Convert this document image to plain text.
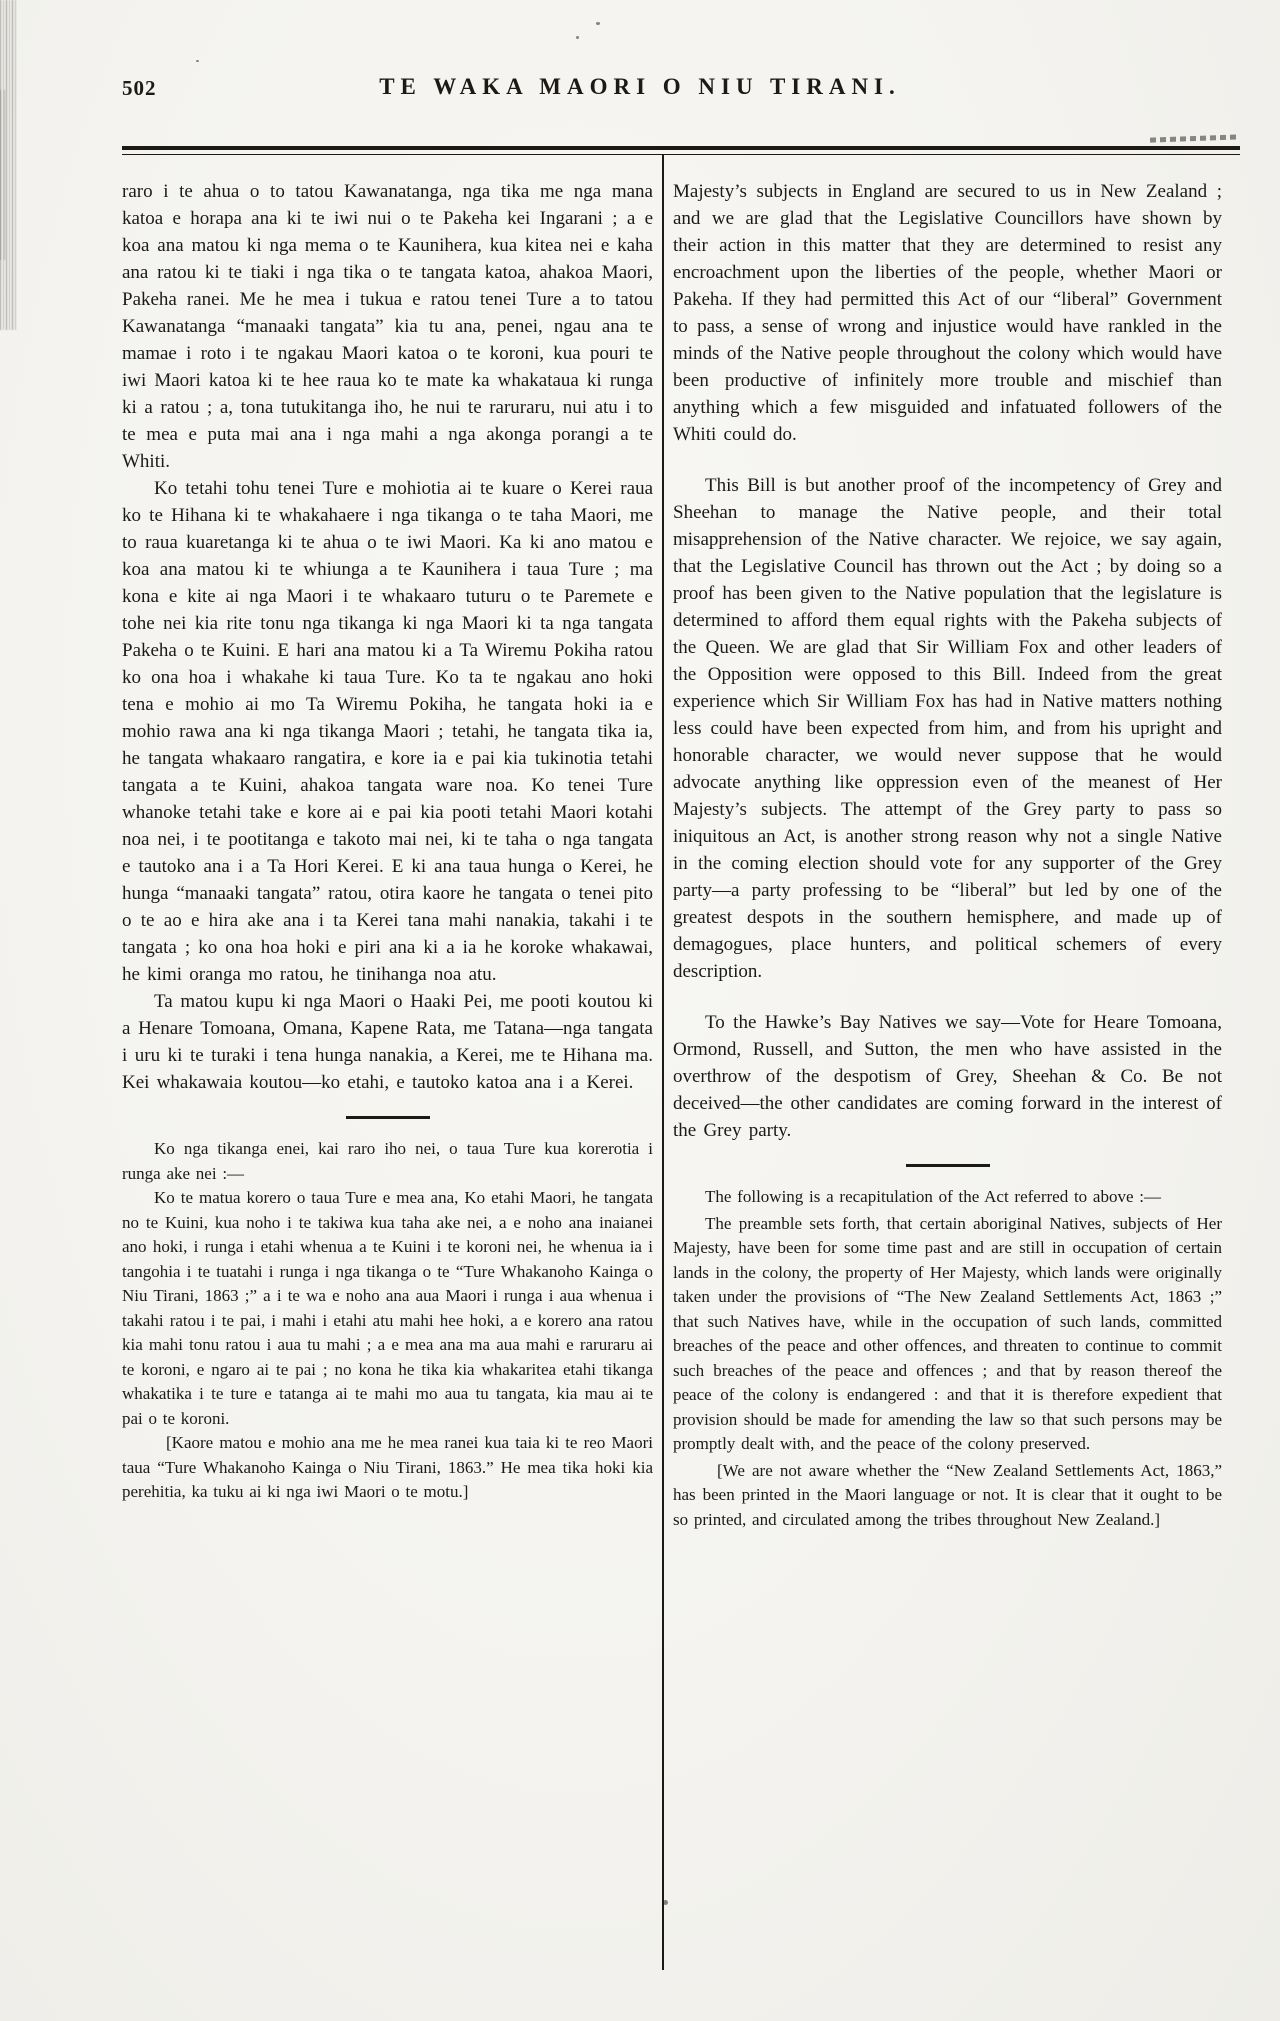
502	TE WAKA MAORI O NIU TIRANI.

raro i te ahua o to tatou Kawanatanga, nga tika me nga mana katoa e horapa ana ki te iwi nui o te Pakeha kei Ingarani ; a e koa ana matou ki nga mema o te Kaunihera, kua kitea nei e kaha ana ratou ki te tiaki i nga tika o te tangata katoa, ahakoa Maori, Pakeha ranei. Me he mea i tukua e ratou tenei Ture a to tatou Kawanatanga “manaaki tangata” kia tu ana, penei, ngau ana te mamae i roto i te ngakau Maori katoa o te koroni, kua pouri te iwi Maori katoa ki te hee raua ko te mate ka whakataua ki runga ki a ratou ; a, tona tutukitanga iho, he nui te raruraru, nui atu i to te mea e puta mai ana i nga mahi a nga akonga porangi a te Whiti.

Ko tetahi tohu tenei Ture e mohiotia ai te kuare o Kerei raua ko te Hihana ki te whakahaere i nga tikanga o te taha Maori, me to raua kuaretanga ki te ahua o te iwi Maori. Ka ki ano matou e koa ana matou ki te whiunga a te Kaunihera i taua Ture ; ma kona e kite ai nga Maori i te whakaaro tuturu o te Paremete e tohe nei kia rite tonu nga tikanga ki nga Maori ki ta nga tangata Pakeha o te Kuini. E hari ana matou ki a Ta Wiremu Pokiha ratou ko ona hoa i whakahe ki taua Ture. Ko ta te ngakau ano hoki tena e mohio ai mo Ta Wiremu Pokiha, he tangata hoki ia e mohio rawa ana ki nga tikanga Maori ; tetahi, he tangata tika ia, he tangata whakaaro rangatira, e kore ia e pai kia tukinotia tetahi tangata a te Kuini, ahakoa tangata ware noa. Ko tenei Ture whanoke tetahi take e kore ai e pai kia pooti tetahi Maori kotahi noa nei, i te pootitanga e takoto mai nei, ki te taha o nga tangata e tautoko ana i a Ta Hori Kerei. E ki ana taua hunga o Kerei, he hunga “manaaki tangata” ratou, otira kaore he tangata o tenei pito o te ao e hira ake ana i ta Kerei tana mahi nanakia, takahi i te tangata ; ko ona hoa hoki e piri ana ki a ia he koroke whakawai, he kimi oranga mo ratou, he tinihanga noa atu.

Ta matou kupu ki nga Maori o Haaki Pei, me pooti koutou ki a Henare Tomoana, Omana, Kapene Rata, me Tatana—nga tangata i uru ki te turaki i tena hunga nanakia, a Kerei, me te Hihana ma. Kei whakawaia koutou—ko etahi, e tautoko katoa ana i a Kerei.

Ko nga tikanga enei, kai raro iho nei, o taua Ture kua korerotia i runga ake nei :—

Ko te matua korero o taua Ture e mea ana, Ko etahi Maori, he tangata no te Kuini, kua noho i te takiwa kua taha ake nei, a e noho ana inaianei ano hoki, i runga i etahi whenua a te Kuini i te koroni nei, he whenua ia i tangohia i te tuatahi i runga i nga tikanga o te “Ture Whakanoho Kainga o Niu Tirani, 1863 ;” a i te wa e noho ana aua Maori i runga i aua whenua i takahi ratou i te pai, i mahi i etahi atu mahi hee hoki, a e korero ana ratou kia mahi tonu ratou i aua tu mahi ; a e mea ana ma aua mahi e raruraru ai te koroni, e ngaro ai te pai ; no kona he tika kia whakaritea etahi tikanga whakatika i te ture e tatanga ai te mahi mo aua tu tangata, kia mau ai te pai o te koroni.

[Kaore matou e mohio ana me he mea ranei kua taia ki te reo Maori taua “Ture Whakanoho Kainga o Niu Tirani, 1863.” He mea tika hoki kia perehitia, ka tuku ai ki nga iwi Maori o te motu.]

Majesty’s subjects in England are secured to us in New Zealand ; and we are glad that the Legislative Councillors have shown by their action in this matter that they are determined to resist any encroachment upon the liberties of the people, whether Maori or Pakeha. If they had permitted this Act of our “liberal” Government to pass, a sense of wrong and injustice would have rankled in the minds of the Native people throughout the colony which would have been productive of infinitely more trouble and mischief than anything which a few misguided and infatuated followers of the Whiti could do.

This Bill is but another proof of the incompetency of Grey and Sheehan to manage the Native people, and their total misapprehension of the Native character. We rejoice, we say again, that the Legislative Council has thrown out the Act ; by doing so a proof has been given to the Native population that the legislature is determined to afford them equal rights with the Pakeha subjects of the Queen. We are glad that Sir William Fox and other leaders of the Opposition were opposed to this Bill. Indeed from the great experience which Sir William Fox has had in Native matters nothing less could have been expected from him, and from his upright and honorable character, we would never suppose that he would advocate anything like oppression even of the meanest of Her Majesty’s subjects. The attempt of the Grey party to pass so iniquitous an Act, is another strong reason why not a single Native in the coming election should vote for any supporter of the Grey party—a party professing to be “liberal” but led by one of the greatest despots in the southern hemisphere, and made up of demagogues, place hunters, and political schemers of every description.

To the Hawke’s Bay Natives we say—Vote for Heare Tomoana, Ormond, Russell, and Sutton, the men who have assisted in the overthrow of the despotism of Grey, Sheehan & Co. Be not deceived—the other candidates are coming forward in the interest of the Grey party.

The following is a recapitulation of the Act referred to above :—

The preamble sets forth, that certain aboriginal Natives, subjects of Her Majesty, have been for some time past and are still in occupation of certain lands in the colony, the property of Her Majesty, which lands were originally taken under the provisions of “The New Zealand Settlements Act, 1863 ;” that such Natives have, while in the occupation of such lands, committed breaches of the peace and other offences, and threaten to continue to commit such breaches of the peace and offences ; and that by reason thereof the peace of the colony is endangered : and that it is therefore expedient that provision should be made for amending the law so that such persons may be promptly dealt with, and the peace of the colony preserved.

[We are not aware whether the “New Zealand Settlements Act, 1863,” has been printed in the Maori language or not. It is clear that it ought to be so printed, and circulated among the tribes throughout New Zealand.]
